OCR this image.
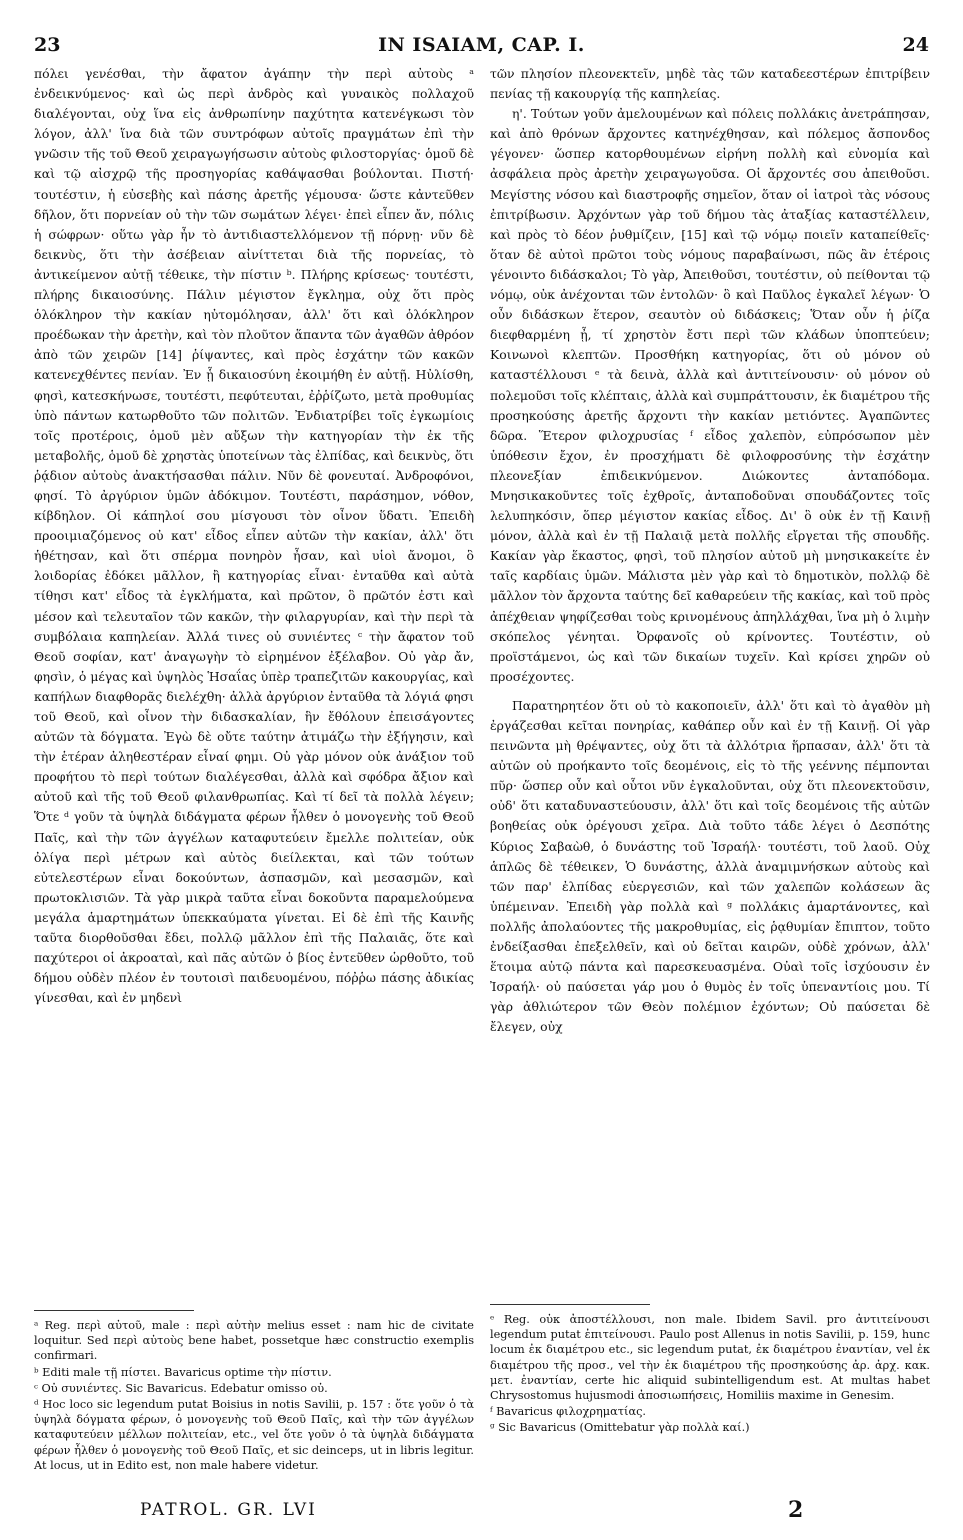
23	IN ISAIAM, CAP. I.	24

πόλει γενέσθαι, τὴν ἄφατον ἀγάπην τὴν περὶ αὐτοὺς ᵃ ἐνδεικνύμενος· καὶ ὡς περὶ ἀνδρὸς καὶ γυναικὸς πολλαχοῦ διαλέγονται, οὐχ ἵνα εἰς ἀνθρωπίνην παχύτητα κατενέγκωσι τὸν λόγον, ἀλλ' ἵνα διὰ τῶν συντρόφων αὐτοῖς πραγμάτων ἐπὶ τὴν γνῶσιν τῆς τοῦ Θεοῦ χειραγωγήσωσιν αὐτοὺς φιλοστοργίας· ὁμοῦ δὲ καὶ τῷ αἰσχρῷ τῆς προσηγορίας καθάψασθαι βούλονται. Πιστή· τουτέστιν, ἡ εὐσεβὴς καὶ πάσης ἀρετῆς γέμουσα· ὥστε κἀντεῦθεν δῆλον, ὅτι πορνείαν οὐ τὴν τῶν σωμάτων λέγει· ἐπεὶ εἶπεν ἄν, πόλις ἡ σώφρων· οὕτω γὰρ ἦν τὸ ἀντιδιαστελλόμενον τῇ πόρνῃ· νῦν δὲ δεικνὺς, ὅτι τὴν ἀσέβειαν αἰνίττεται διὰ τῆς πορνείας, τὸ ἀντικείμενον αὐτῇ τέθεικε, τὴν πίστιν ᵇ. Πλήρης κρίσεως· τουτέστι, πλήρης δικαιοσύνης. Πάλιν μέγιστον ἔγκλημα, οὐχ ὅτι πρὸς ὁλόκληρον τὴν κακίαν ηὐτομόλησαν, ἀλλ' ὅτι καὶ ὁλόκληρον προέδωκαν τὴν ἀρετὴν, καὶ τὸν πλοῦτον ἅπαντα τῶν ἀγαθῶν ἀθρόον ἀπὸ τῶν χειρῶν [14] ῥίψαντες, καὶ πρὸς ἐσχάτην τῶν κακῶν κατενεχθέντες πενίαν. Ἐν ᾗ δικαιοσύνη ἐκοιμήθη ἐν αὐτῇ. Ηὐλίσθη, φησὶ, κατεσκήνωσε, τουτέστι, πεφύτευται, ἐῤῥίζωτο, μετὰ προθυμίας ὑπὸ πάντων κατωρθοῦτο τῶν πολιτῶν. Ἐνδιατρίβει τοῖς ἐγκωμίοις τοῖς προτέροις, ὁμοῦ μὲν αὔξων τὴν κατηγορίαν τὴν ἐκ τῆς μεταβολῆς, ὁμοῦ δὲ χρηστὰς ὑποτείνων τὰς ἐλπίδας, καὶ δεικνὺς, ὅτι ῥᾴδιον αὐτοὺς ἀνακτήσασθαι πάλιν. Νῦν δὲ φονευταί. Ἀνδροφόνοι, φησί. Τὸ ἀργύριον ὑμῶν ἀδόκιμον. Τουτέστι, παράσημον, νόθον, κίβδηλον. Οἱ κάπηλοί σου μίσγουσι τὸν οἶνον ὕδατι. Ἐπειδὴ προοιμιαζόμενος οὐ κατ' εἶδος εἶπεν αὐτῶν τὴν κακίαν, ἀλλ' ὅτι ἡθέτησαν, καὶ ὅτι σπέρμα πονηρὸν ἦσαν, καὶ υἱοὶ ἄνομοι, ὃ λοιδορίας ἐδόκει μᾶλλον, ἢ κατηγορίας εἶναι· ἐνταῦθα καὶ αὐτὰ τίθησι κατ' εἶδος τὰ ἐγκλήματα, καὶ πρῶτον, ὃ πρῶτόν ἐστι καὶ μέσον καὶ τελευταῖον τῶν κακῶν, τὴν φιλαργυρίαν, καὶ τὴν περὶ τὰ συμβόλαια καπηλείαν. Ἀλλά τινες οὐ συνιέντες ᶜ τὴν ἄφατον τοῦ Θεοῦ σοφίαν, κατ' ἀναγωγὴν τὸ εἰρημένον ἐξέλαβον. Οὐ γὰρ ἄν, φησὶν, ὁ μέγας καὶ ὑψηλὸς Ἡσαΐας ὑπὲρ τραπεζιτῶν κακουργίας, καὶ καπήλων διαφθορᾶς διελέχθη· ἀλλὰ ἀργύριον ἐνταῦθα τὰ λόγιά φησι τοῦ Θεοῦ, καὶ οἶνον τὴν διδασκαλίαν, ἣν ἔθόλουν ἐπεισάγοντες αὐτῶν τὰ δόγματα. Ἐγὼ δὲ οὔτε ταύτην ἀτιμάζω τὴν ἐξήγησιν, καὶ τὴν ἑτέραν ἀληθεστέραν εἶναί φημι. Οὐ γὰρ μόνον οὐκ ἀνάξιον τοῦ προφήτου τὸ περὶ τούτων διαλέγεσθαι, ἀλλὰ καὶ σφόδρα ἄξιον καὶ αὐτοῦ καὶ τῆς τοῦ Θεοῦ φιλανθρωπίας. Καὶ τί δεῖ τὰ πολλὰ λέγειν; Ὅτε ᵈ γοῦν τὰ ὑψηλὰ διδάγματα φέρων ἦλθεν ὁ μονογενὴς τοῦ Θεοῦ Παῖς, καὶ τὴν τῶν ἀγγέλων καταφυτεύειν ἔμελλε πολιτείαν, οὐκ ὀλίγα περὶ μέτρων καὶ αὐτὸς διείλεκται, καὶ τῶν τούτων εὐτελεστέρων εἶναι δοκούντων, ἀσπασμῶν, καὶ μεσασμῶν, καὶ πρωτοκλισιῶν. Τὰ γὰρ μικρὰ ταῦτα εἶναι δοκοῦντα παραμελούμενα μεγάλα ἁμαρτημάτων ὑπεκκαύματα γίνεται. Εἰ δὲ ἐπὶ τῆς Καινῆς ταῦτα διορθοῦσθαι ἔδει, πολλῷ μᾶλλον ἐπὶ τῆς Παλαιᾶς, ὅτε καὶ παχύτεροι οἱ ἀκροαταὶ, καὶ πᾶς αὐτῶν ὁ βίος ἐντεῦθεν ὡρθοῦτο, τοῦ δήμου οὐδὲν πλέον ἐν τουτοισὶ παιδευομένου, πόῤῥω πάσης ἀδικίας γίνεσθαι, καὶ ἐν μηδενὶ

τῶν πλησίον πλεονεκτεῖν, μηδὲ τὰς τῶν καταδεεστέρων ἐπιτρίβειν πενίας τῇ κακουργίᾳ τῆς καπηλείας.

η'. Τούτων γοῦν ἀμελουμένων καὶ πόλεις πολλάκις ἀνετράπησαν, καὶ ἀπὸ θρόνων ἄρχοντες κατηνέχθησαν, καὶ πόλεμος ἄσπονδος γέγονεν· ὥσπερ κατορθουμένων εἰρήνη πολλὴ καὶ εὐνομία καὶ ἀσφάλεια πρὸς ἀρετὴν χειραγωγοῦσα. Οἱ ἄρχοντές σου ἀπειθοῦσι. Μεγίστης νόσου καὶ διαστροφῆς σημεῖον, ὅταν οἱ ἰατροὶ τὰς νόσους ἐπιτρίβωσιν. Ἀρχόντων γὰρ τοῦ δήμου τὰς ἀταξίας καταστέλλειν, καὶ πρὸς τὸ δέον ῥυθμίζειν, [15] καὶ τῷ νόμῳ ποιεῖν καταπείθεῖς· ὅταν δὲ αὐτοὶ πρῶτοι τοὺς νόμους παραβαίνωσι, πῶς ἂν ἑτέροις γένοιντο διδάσκαλοι; Τὸ γὰρ, Ἀπειθοῦσι, τουτέστιν, οὐ πείθονται τῷ νόμῳ, οὐκ ἀνέχονται τῶν ἐντολῶν· ὃ καὶ Παῦλος ἐγκαλεῖ λέγων· Ὁ οὖν διδάσκων ἕτερον, σεαυτὸν οὐ διδάσκεις; Ὅταν οὖν ἡ ῥίζα διεφθαρμένη ᾖ, τί χρηστὸν ἔστι περὶ τῶν κλάδων ὑποπτεύειν; Κοινωνοὶ κλεπτῶν. Προσθήκη κατηγορίας, ὅτι οὐ μόνον οὐ καταστέλλουσι ᵉ τὰ δεινὰ, ἀλλὰ καὶ ἀντιτείνουσιν· οὐ μόνον οὐ πολεμοῦσι τοῖς κλέπταις, ἀλλὰ καὶ συμπράττουσιν, ἐκ διαμέτρου τῆς προσηκούσης ἀρετῆς ἄρχοντι τὴν κακίαν μετιόντες. Ἀγαπῶντες δῶρα. Ἕτερον φιλοχρυσίας ᶠ εἶδος χαλεπὸν, εὐπρόσωπον μὲν ὑπόθεσιν ἔχον, ἐν προσχήματι δὲ φιλοφροσύνης τὴν ἐσχάτην πλεονεξίαν ἐπιδεικνύμενον. Διώκοντες ἀνταπόδομα. Μνησικακοῦντες τοῖς ἐχθροῖς, ἀνταποδοῦναι σπουδάζοντες τοῖς λελυπηκόσιν, ὅπερ μέγιστον κακίας εἶδος. Δι' ὃ οὐκ ἐν τῇ Καινῇ μόνον, ἀλλὰ καὶ ἐν τῇ Παλαιᾷ μετὰ πολλῆς εἴργεται τῆς σπουδῆς. Κακίαν γὰρ ἕκαστος, φησὶ, τοῦ πλησίον αὐτοῦ μὴ μνησικακείτε ἐν ταῖς καρδίαις ὑμῶν. Μάλιστα μὲν γὰρ καὶ τὸ δημοτικὸν, πολλῷ δὲ μᾶλλον τὸν ἄρχοντα ταύτης δεῖ καθαρεύειν τῆς κακίας, καὶ τοῦ πρὸς ἀπέχθειαν ψηφίζεσθαι τοὺς κρινομένους ἀπηλλάχθαι, ἵνα μὴ ὁ λιμὴν σκόπελος γένηται. Ὀρφανοῖς οὐ κρίνοντες. Τουτέστιν, οὐ προϊστάμενοι, ὡς καὶ τῶν δικαίων τυχεῖν. Καὶ κρίσει χηρῶν οὐ προσέχοντες.

Παρατηρητέον ὅτι οὐ τὸ κακοποιεῖν, ἀλλ' ὅτι καὶ τὸ ἀγαθὸν μὴ ἐργάζεσθαι κεῖται πονηρίας, καθάπερ οὖν καὶ ἐν τῇ Καινῇ. Οἱ γὰρ πεινῶντα μὴ θρέψαντες, οὐχ ὅτι τὰ ἀλλότρια ἥρπασαν, ἀλλ' ὅτι τὰ αὐτῶν οὐ προήκαντο τοῖς δεομένοις, εἰς τὸ τῆς γεέννης πέμπονται πῦρ· ὥσπερ οὖν καὶ οὗτοι νῦν ἐγκαλοῦνται, οὐχ ὅτι πλεονεκτοῦσιν, οὐδ' ὅτι καταδυναστεύουσιν, ἀλλ' ὅτι καὶ τοῖς δεομένοις τῆς αὐτῶν βοηθείας οὐκ ὀρέγουσι χεῖρα. Διὰ τοῦτο τάδε λέγει ὁ Δεσπότης Κύριος Σαβαὼθ, ὁ δυνάστης τοῦ Ἰσραήλ· τουτέστι, τοῦ λαοῦ. Οὐχ ἁπλῶς δὲ τέθεικεν, Ὁ δυνάστης, ἀλλὰ ἀναμιμνήσκων αὐτοὺς καὶ τῶν παρ' ἐλπίδας εὐεργεσιῶν, καὶ τῶν χαλεπῶν κολάσεων ἃς ὑπέμειναν. Ἐπειδὴ γὰρ πολλὰ καὶ ᵍ πολλάκις ἁμαρτάνοντες, καὶ πολλῆς ἀπολαύοντες τῆς μακροθυμίας, εἰς ῥᾳθυμίαν ἔπιπτον, τοῦτο ἐνδείξασθαι ἐπεξελθεῖν, καὶ οὐ δεῖται καιρῶν, οὐδὲ χρόνων, ἀλλ' ἕτοιμα αὐτῷ πάντα καὶ παρεσκευασμένα. Οὐαὶ τοῖς ἰσχύουσιν ἐν Ἰσραήλ· οὐ παύσεται γάρ μου ὁ θυμὸς ἐν τοῖς ὑπεναντίοις μου. Τί γὰρ ἀθλιώτερον τῶν Θεὸν πολέμιον ἐχόντων; Οὐ παύσεται δὲ ἔλεγεν, οὐχ

ᵃ Reg. περὶ αὐτοῦ, male : περὶ αὐτὴν melius esset : nam hic de civitate loquitur. Sed περὶ αὐτοὺς bene habet, possetque hæc constructio exemplis confirmari.

ᵇ Editi male τῇ πίστει. Bavaricus optime τὴν πίστιν.

ᶜ Οὐ συνιέντες. Sic Bavaricus. Edebatur omisso οὐ.

ᵈ Hoc loco sic legendum putat Boisius in notis Savilii, p. 157 : ὅτε γοῦν ὁ τὰ ὑψηλὰ δόγματα φέρων, ὁ μονογενὴς τοῦ Θεοῦ Παῖς, καὶ τὴν τῶν ἀγγέλων καταφυτεύειν μέλλων πολιτείαν, etc., vel ὅτε γοῦν ὁ τὰ ὑψηλὰ διδάγματα φέρων ἦλθεν ὁ μονογενὴς τοῦ Θεοῦ Παῖς, et sic deinceps, ut in libris legitur. At locus, ut in Edito est, non male habere videtur.

ᵉ Reg. οὐκ ἀποστέλλουσι, non male. Ibidem Savil. pro ἀντιτείνουσι legendum putat ἐπιτείνουσι. Paulo post Allenus in notis Savilii, p. 159, hunc locum ἐκ διαμέτρου etc., sic legendum putat, ἐκ διαμέτρου ἐναντίαν, vel ἐκ διαμέτρου τῆς προσ., vel τὴν ἐκ διαμέτρου τῆς προσηκούσης ἀρ. ἀρχ. κακ. μετ. ἐναντίαν, certe hic aliquid subintelligendum est. At multas habet Chrysostomus hujusmodi ἀποσιωπήσεις, Homiliis maxime in Genesim.

ᶠ Bavaricus φιλοχρηματίας.

ᵍ Sic Bavaricus (Omittebatur γὰρ πολλὰ καί.)

PATROL. GR. LVI	2
